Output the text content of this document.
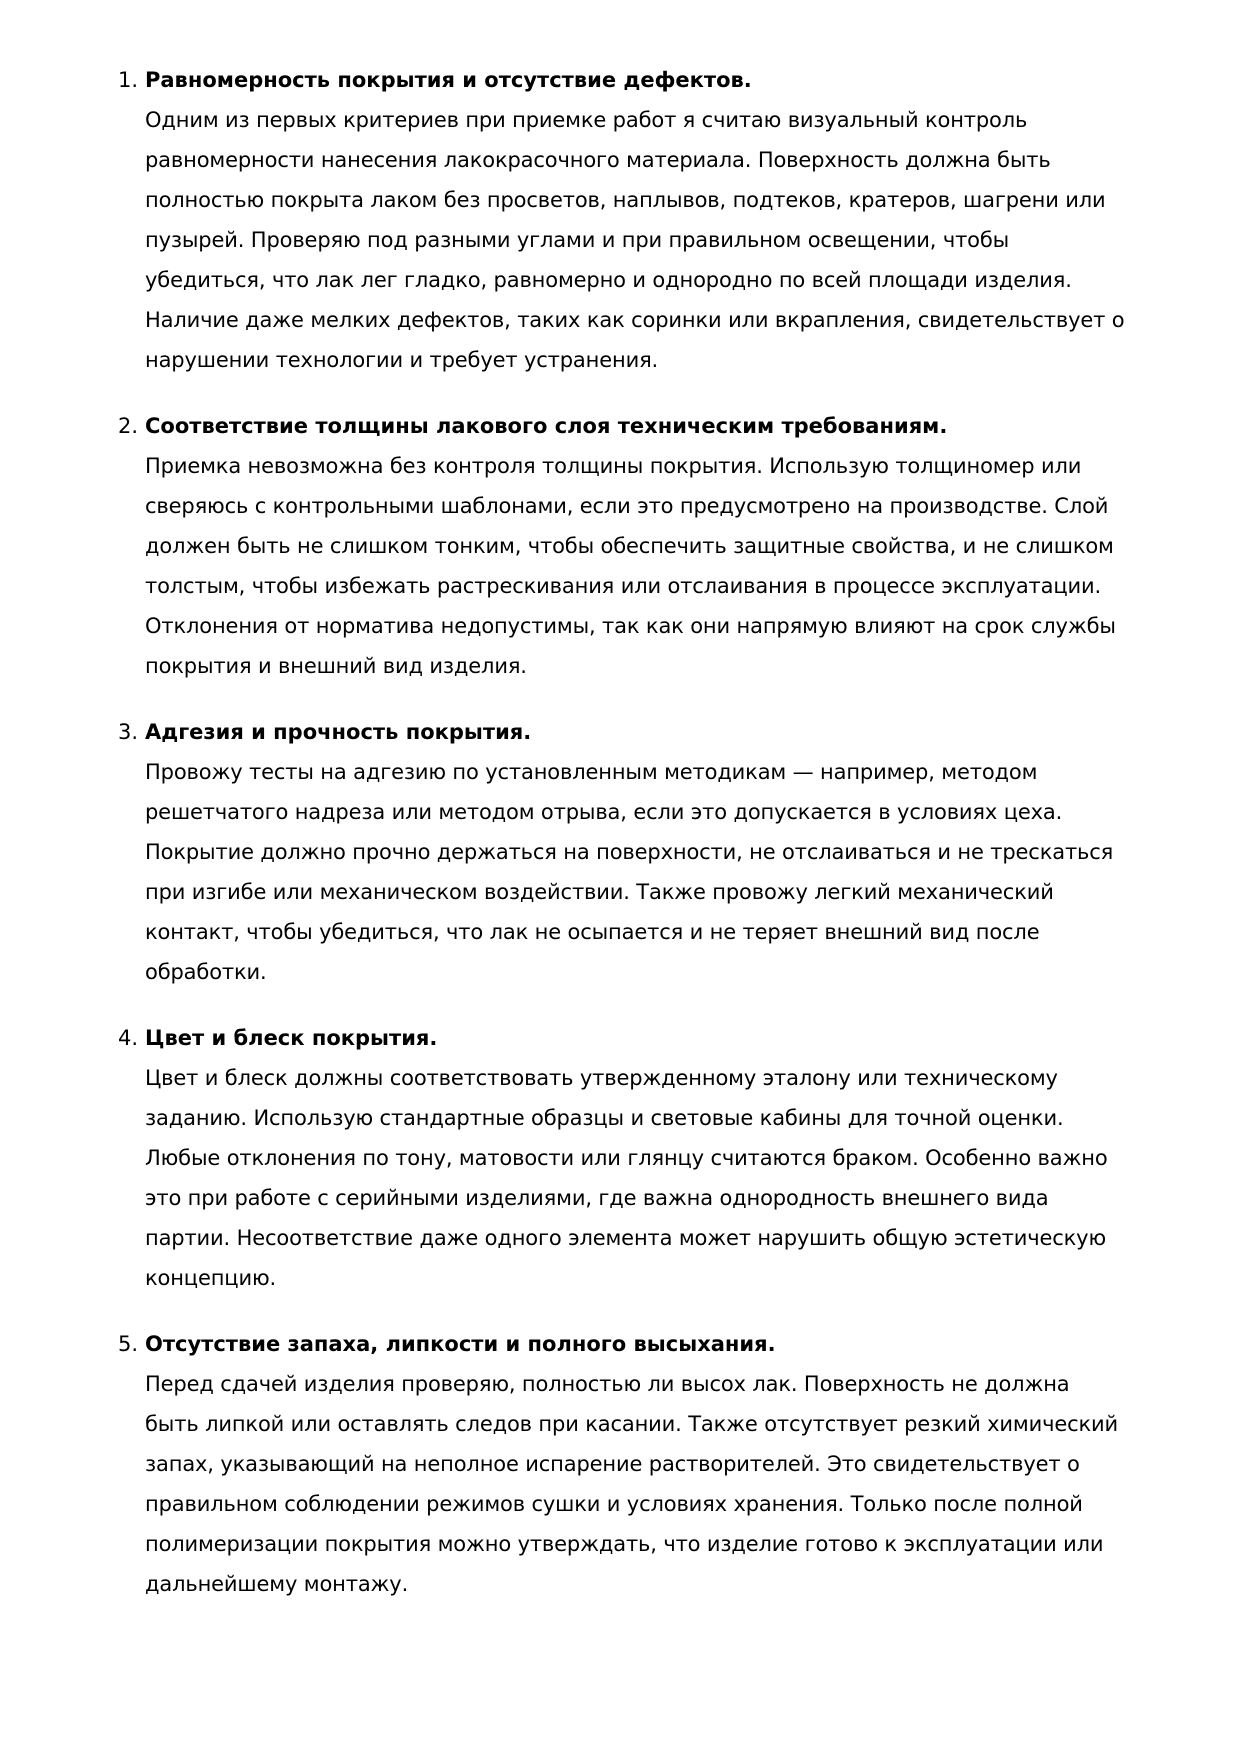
1. Равномерность покрытия и отсутствие дефектов.
Одним из первых критериев при приемке работ я считаю визуальный контроль
равномерности нанесения лакокрасочного материала. Поверхность должна быть
полностью покрыта лаком без просветов, наплывов, подтеков, кратеров, шагрени или
пузырей. Проверяю под разными углами и при правильном освещении, чтобы
убедиться, что лак лег гладко, равномерно и однородно по всей площади изделия.
Наличие даже мелких дефектов, таких как соринки или вкрапления, свидетельствует о
нарушении технологии и требует устранения.
2. Соответствие толщины лакового слоя техническим требованиям.
Приемка невозможна без контроля толщины покрытия. Использую толщиномер или
сверяюсь с контрольными шаблонами, если это предусмотрено на производстве. Слой
должен быть не слишком тонким, чтобы обеспечить защитные свойства, и не слишком
толстым, чтобы избежать растрескивания или отслаивания в процессе эксплуатации.
Отклонения от норматива недопустимы, так как они напрямую влияют на срок службы
покрытия и внешний вид изделия.
3. Адгезия и прочность покрытия.
Провожу тесты на адгезию по установленным методикам — например, методом
решетчатого надреза или методом отрыва, если это допускается в условиях цеха.
Покрытие должно прочно держаться на поверхности, не отслаиваться и не трескаться
при изгибе или механическом воздействии. Также провожу легкий механический
контакт, чтобы убедиться, что лак не осыпается и не теряет внешний вид после
обработки.
4. Цвет и блеск покрытия.
Цвет и блеск должны соответствовать утвержденному эталону или техническому
заданию. Использую стандартные образцы и световые кабины для точной оценки.
Любые отклонения по тону, матовости или глянцу считаются браком. Особенно важно
это при работе с серийными изделиями, где важна однородность внешнего вида
партии. Несоответствие даже одного элемента может нарушить общую эстетическую
концепцию.
5. Отсутствие запаха, липкости и полного высыхания.
Перед сдачей изделия проверяю, полностью ли высох лак. Поверхность не должна
быть липкой или оставлять следов при касании. Также отсутствует резкий химический
запах, указывающий на неполное испарение растворителей. Это свидетельствует о
правильном соблюдении режимов сушки и условиях хранения. Только после полной
полимеризации покрытия можно утверждать, что изделие готово к эксплуатации или
дальнейшему монтажу.
